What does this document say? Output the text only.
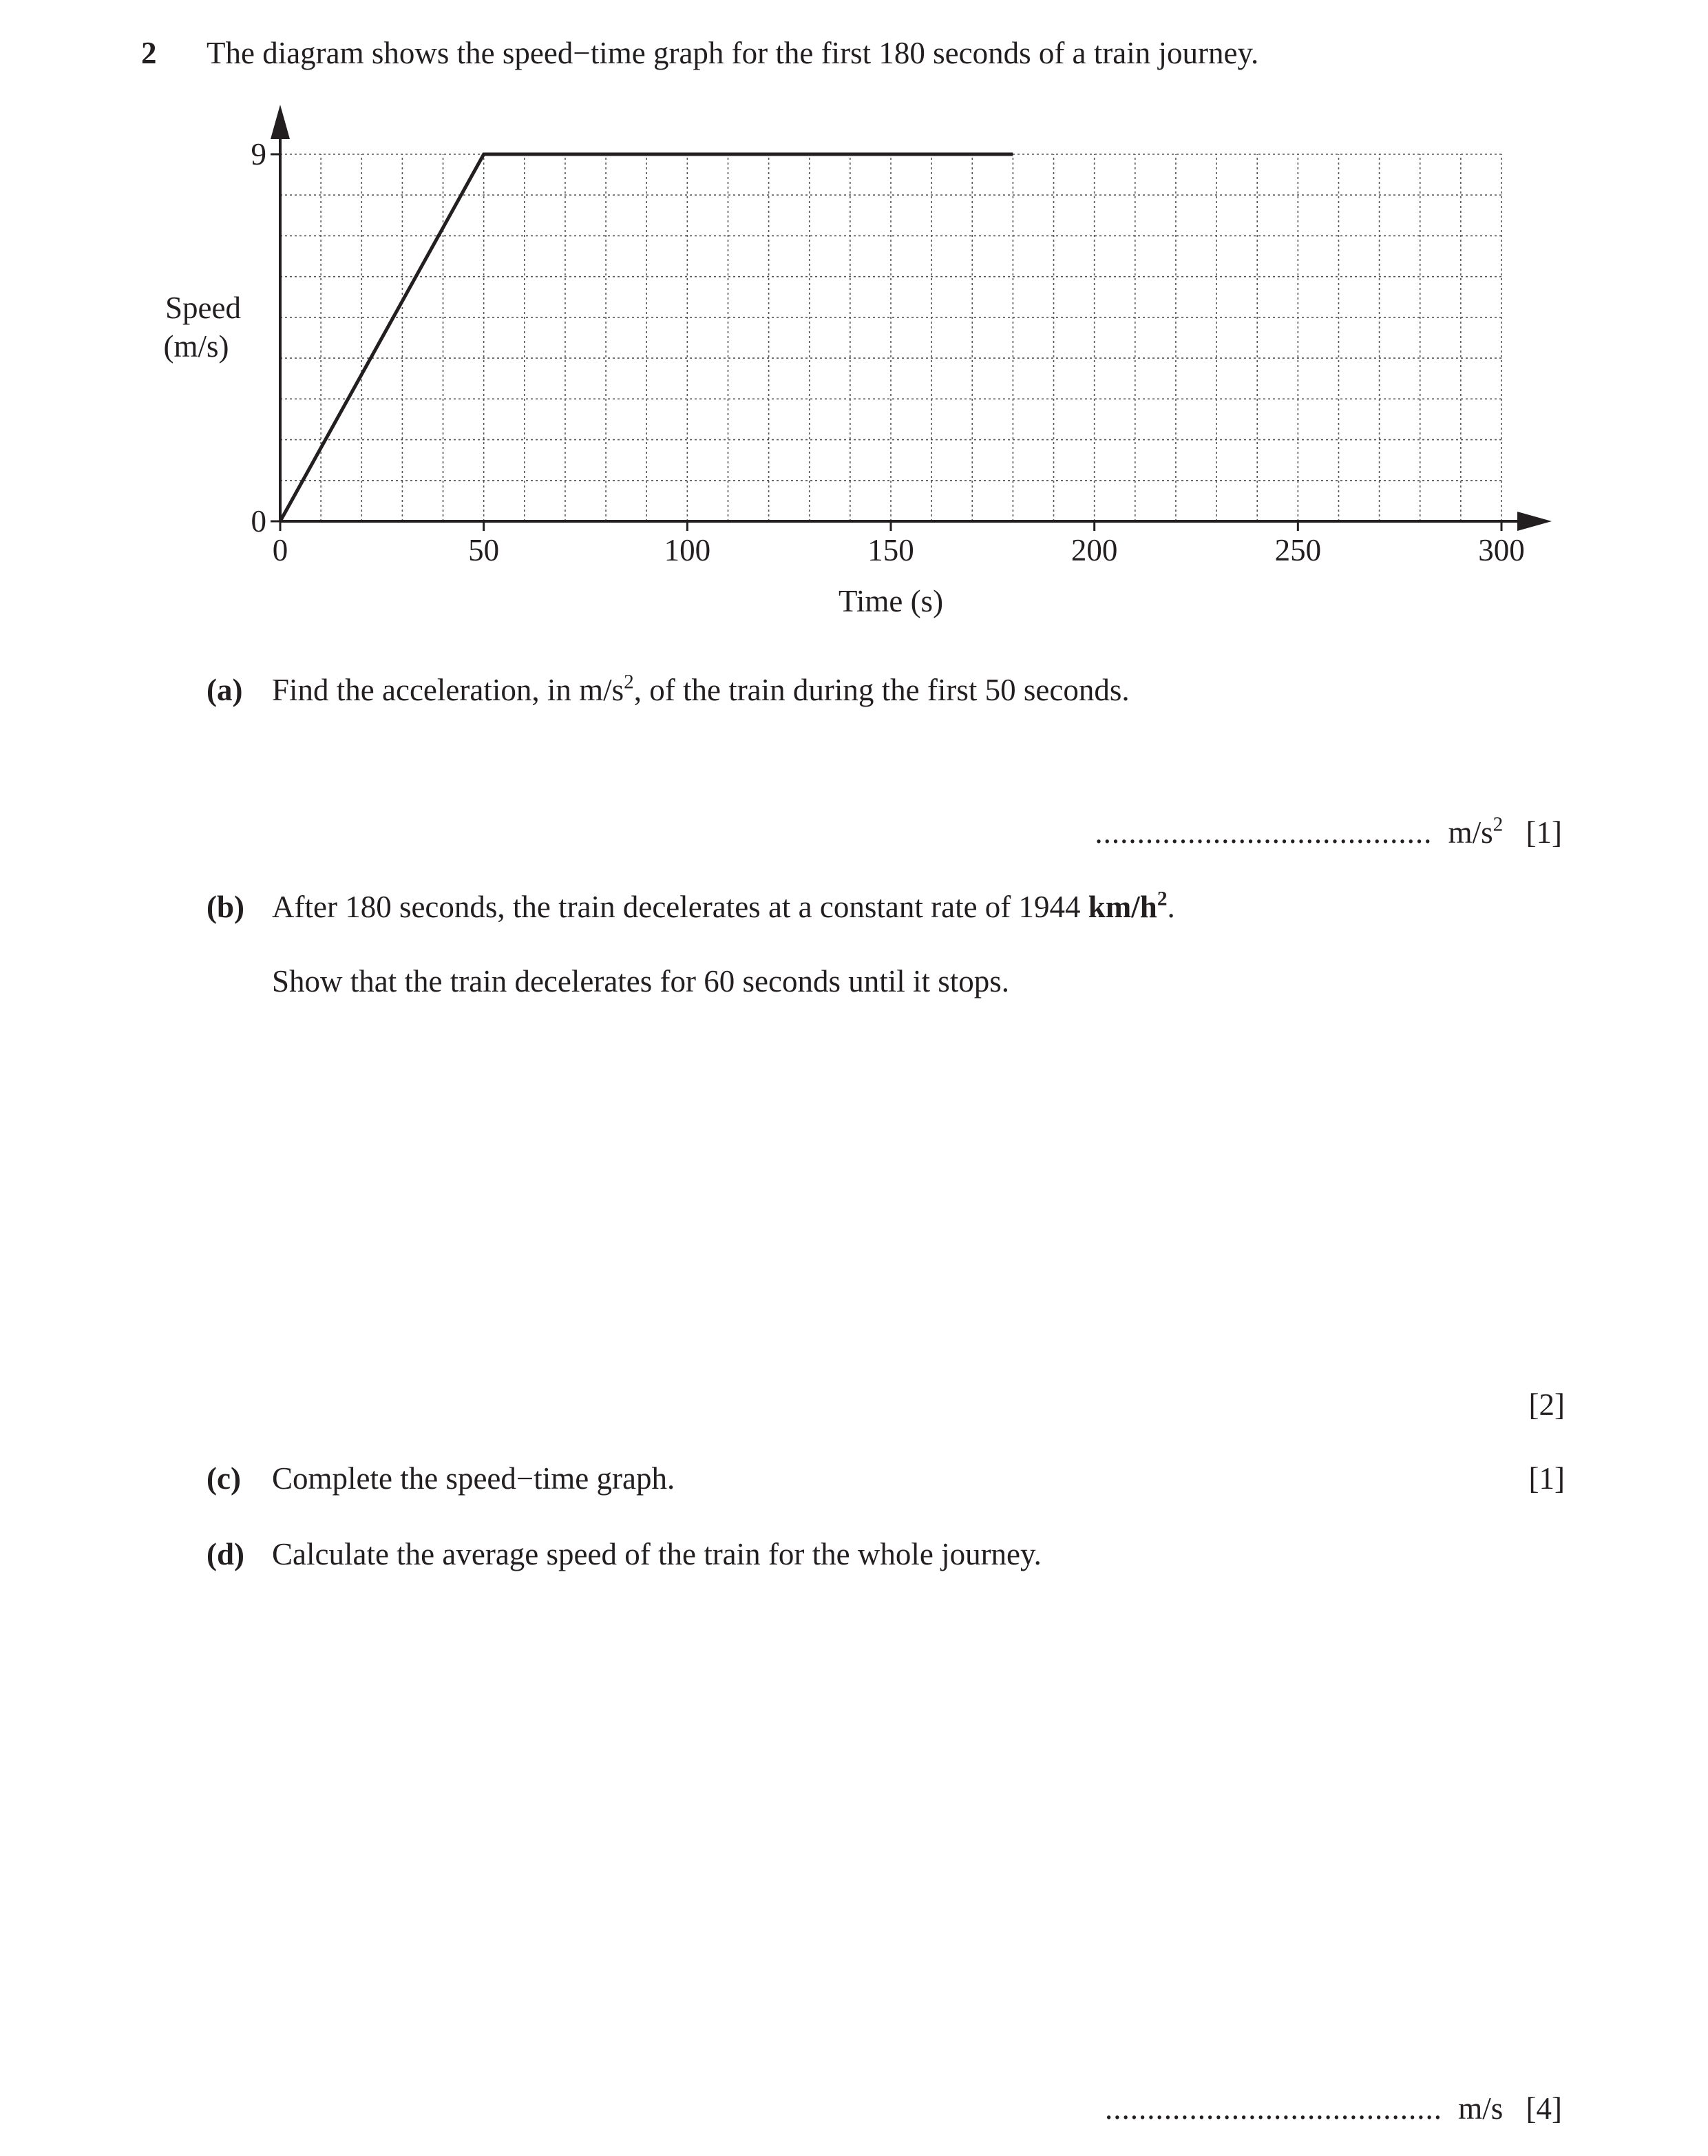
2 The diagram shows the speed−time graph for the first 180 seconds of a train journey.
0	50	100	150	200	250	300
0
9
Time (s)
Speed
(m/s)
(a) Find the acceleration, in $m/s^2$, of the train during the first 50 seconds.
........................................ $m/s^2$ [1]
(b) After 180 seconds, the train decelerates at a constant rate of 1944 $km/h^2$.
Show that the train decelerates for 60 seconds until it stops.
[2]
(c) Complete the speed−time graph.	[1]
(d) Calculate the average speed of the train for the whole journey.
........................................ m/s [4]
